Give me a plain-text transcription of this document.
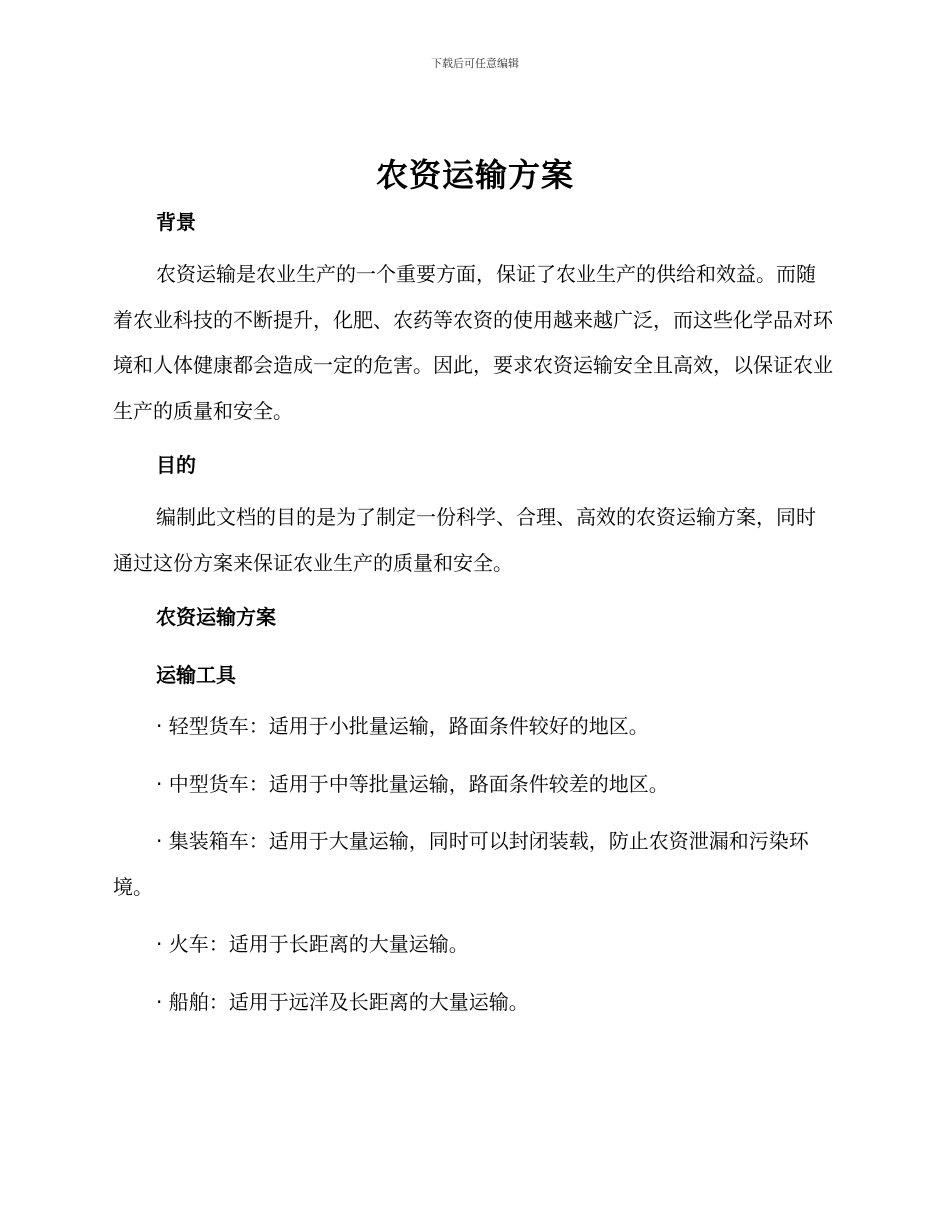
下载后可任意编辑
农资运输方案

背景

农资运输是农业生产的一个重要方面，保证了农业生产的供给和效益。而随着农业科技的不断提升，化肥、农药等农资的使用越来越广泛，而这些化学品对环境和人体健康都会造成一定的危害。因此，要求农资运输安全且高效，以保证农业生产的质量和安全。

目的

编制此文档的目的是为了制定一份科学、合理、高效的农资运输方案，同时通过这份方案来保证农业生产的质量和安全。

农资运输方案

运输工具

· 轻型货车：适用于小批量运输，路面条件较好的地区。

· 中型货车：适用于中等批量运输，路面条件较差的地区。

· 集装箱车：适用于大量运输，同时可以封闭装载，防止农资泄漏和污染环境。

· 火车：适用于长距离的大量运输。

· 船舶：适用于远洋及长距离的大量运输。
